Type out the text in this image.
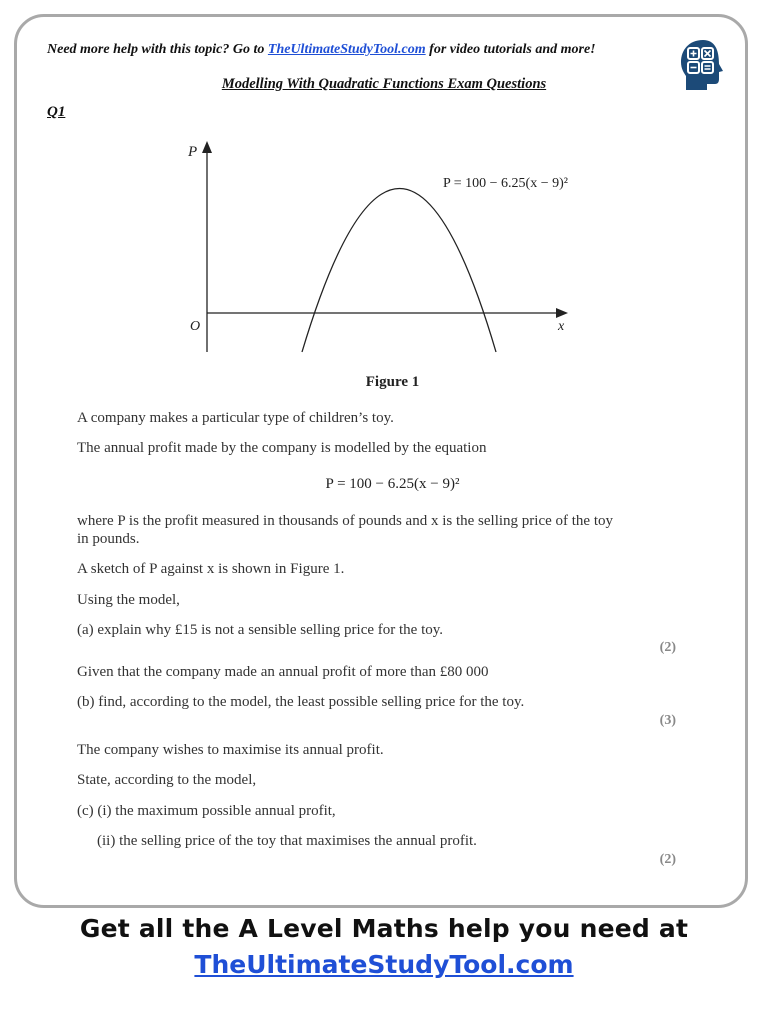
Need more help with this topic? Go to TheUltimateStudyTool.com for video tutorials and more!
Modelling With Quadratic Functions Exam Questions
Q1
P
x
O
P = 100 − 6.25(x − 9)²
Figure 1
A company makes a particular type of children’s toy.
The annual profit made by the company is modelled by the equation
P = 100 − 6.25(x − 9)²
where P is the profit measured in thousands of pounds and x is the selling price of the toy
in pounds.
A sketch of P against x is shown in Figure 1.
Using the model,
(a) explain why £15 is not a sensible selling price for the toy.
(2)
Given that the company made an annual profit of more than £80 000
(b) find, according to the model, the least possible selling price for the toy.
(3)
The company wishes to maximise its annual profit.
State, according to the model,
(c) (i) the maximum possible annual profit,
(ii) the selling price of the toy that maximises the annual profit.
(2)
Get all the A Level Maths help you need at
TheUltimateStudyTool.com
